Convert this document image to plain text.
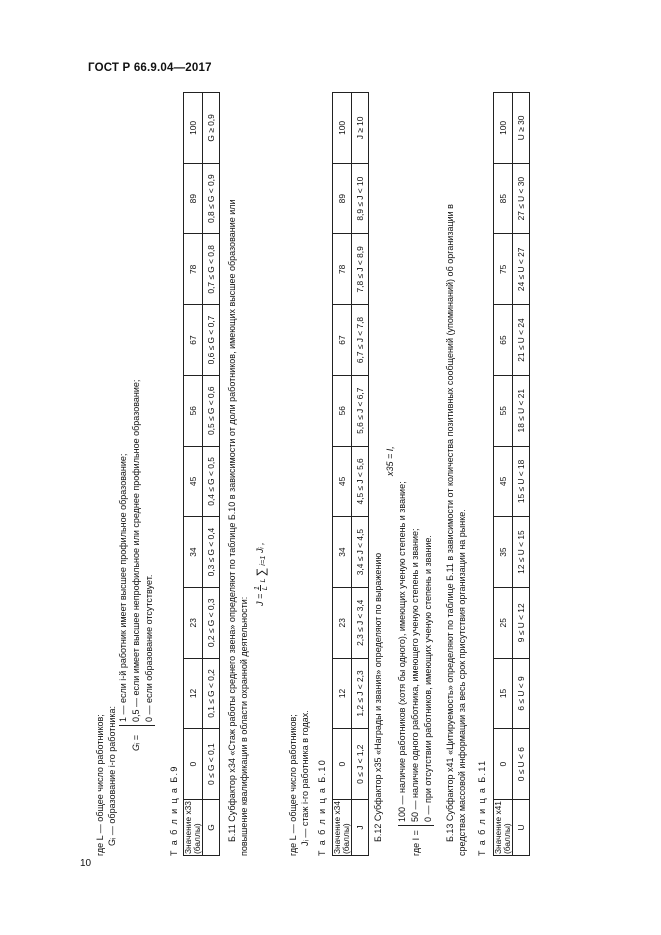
ГОСТ Р 66.9.04—2017

где L — общее число работников; Gᵢ — образование i-го работника: Gᵢ =

1 — если i-й работник имеет высшее профильное образование; 0,5 — если имеет высшее непрофильное или среднее профильное образование; 0 — если образование отсутствует.

Т а б л и ц а Б.9 Значение x33 (баллы)	0	12	23	34	45	56	67	78	89	100
G	0 ≤ G < 0,1	0,1 ≤ G < 0,2	0,2 ≤ G < 0,3	0,3 ≤ G < 0,4	0,4 ≤ G < 0,5	0,5 ≤ G < 0,6	0,6 ≤ G < 0,7	0,7 ≤ G < 0,8	0,8 ≤ G < 0,9	G ≥ 0,9

Б.11 Субфактор x34 «Стаж работы среднего звена» определяют по таблице Б.10 в зависимости от доли работников, имеющих высшее образование или повышение квалификации в области охранной деятельности: J =
1 L L ∑ i=1 Jᵢ ,

где L — общее число работников; Jᵢ — стаж i-го работника в годах. Т а б л и ц а Б.10 Значение x34 (баллы)	0	12	23	34	45	56	67	78	89	100
J	0 ≤ J < 1,2	1,2 ≤ J < 2,3	2,3 ≤ J < 3,4	3,4 ≤ J < 4,5	4,5 ≤ J < 5,6	5,6 ≤ J < 6,7	6,7 ≤ J < 7,8	7,8 ≤ J < 8,9	8,9 ≤ J < 10	J ≥ 10

Б.12 Субфактор x35 «Награды и звания» определяют по выражению

x35 = I,

где I =

100 — наличие работников (хотя бы одного), имеющих ученую степень и звание; 50 — наличие одного работника, имеющего ученую степень и звание; 0 — при отсутствии работников, имеющих ученую степень и звание. Б.13 Субфактор x41 «Цитируемость» определяют по таблице Б.11 в зависимости от количества позитивных сообщений (упоминаний) об организации в средствах массовой информации за весь срок присутствия организации на рынке. Т а б л и ц а Б.11 Значение x41 (баллы)	0	15	25	35	45	55	65	75	85	100
U	0 ≤ U < 6	6 ≤ U < 9	9 ≤ U < 12	12 ≤ U < 15	15 ≤ U < 18	18 ≤ U < 21	21 ≤ U < 24	24 ≤ U < 27	27 ≤ U < 30	U ≥ 30
10
